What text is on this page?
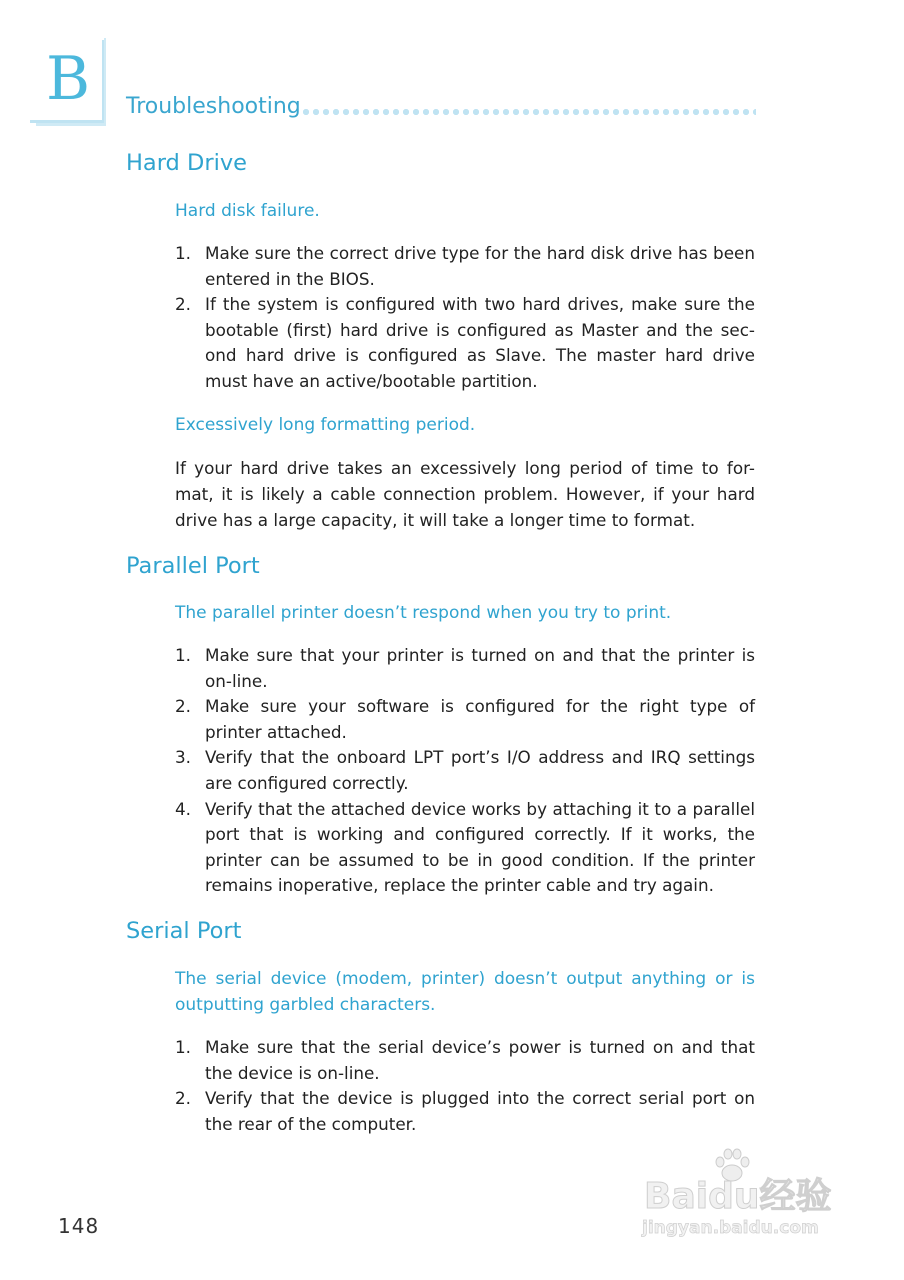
B Troubleshooting
Hard Drive
Hard disk failure.
1. Make sure the correct drive type for the hard disk drive has been entered in the BIOS.
2. If the system is configured with two hard drives, make sure the bootable (first) hard drive is configured as Master and the sec-ond hard drive is configured as Slave. The master hard drive must have an active/bootable partition.
Excessively long formatting period.
If your hard drive takes an excessively long period of time to for-mat, it is likely a cable connection problem. However, if your hard drive has a large capacity, it will take a longer time to format.
Parallel Port
The parallel printer doesn’t respond when you try to print.
1. Make sure that your printer is turned on and that the printer is on-line.
2. Make sure your software is configured for the right type of printer attached.
3. Verify that the onboard LPT port’s I/O address and IRQ settings are configured correctly.
4. Verify that the attached device works by attaching it to a parallel port that is working and configured correctly. If it works, the printer can be assumed to be in good condition. If the printer remains inoperative, replace the printer cable and try again.
Serial Port
The serial device (modem, printer) doesn’t output anything or is outputting garbled characters.
1. Make sure that the serial device’s power is turned on and that the device is on-line.
2. Verify that the device is plugged into the correct serial port on the rear of the computer.
148
Baidu经验
jingyan.baidu.com
